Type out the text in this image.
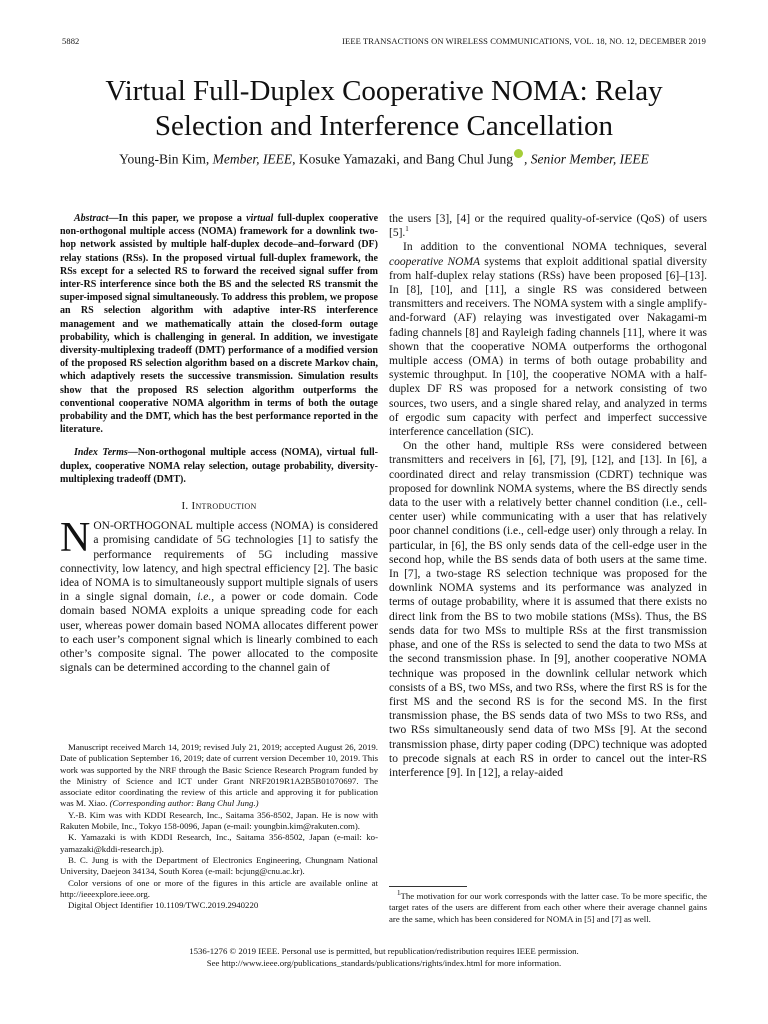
5882	IEEE TRANSACTIONS ON WIRELESS COMMUNICATIONS, VOL. 18, NO. 12, DECEMBER 2019
Virtual Full-Duplex Cooperative NOMA: Relay
Selection and Interference Cancellation
Young-Bin Kim, Member, IEEE, Kosuke Yamazaki, and Bang Chul Jung , Senior Member, IEEE

Abstract—In this paper, we propose a virtual full-duplex cooperative non-orthogonal multiple access (NOMA) framework for a downlink two-hop network assisted by multiple half-duplex decode–and–forward (DF) relay stations (RSs). In the proposed virtual full-duplex framework, the RSs except for a selected RS to forward the received signal suffer from inter-RS interference since both the BS and the selected RS transmit the super-imposed signal simultaneously. To address this problem, we propose an RS selection algorithm with adaptive inter-RS interference management and we mathematically attain the closed-form outage probability, which is challenging in general. In addition, we investigate diversity-multiplexing tradeoff (DMT) performance of a modified version of the proposed RS selection algorithm based on a discrete Markov chain, which adaptively resets the successive transmission. Simulation results show that the proposed RS selection algorithm outperforms the conventional cooperative NOMA algorithm in terms of both the outage probability and the DMT, which has the best performance reported in the literature.

Index Terms—Non-orthogonal multiple access (NOMA), virtual full-duplex, cooperative NOMA relay selection, outage probability, diversity-multiplexing tradeoff (DMT).

I. Introduction

NON-ORTHOGONAL multiple access (NOMA) is considered a promising candidate of 5G technologies [1] to satisfy the performance requirements of 5G including massive connectivity, low latency, and high spectral efficiency [2]. The basic idea of NOMA is to simultaneously support multiple signals of users in a single signal domain, i.e., a power or code domain. Code domain based NOMA exploits a unique spreading code for each user, whereas power domain based NOMA allocates different power to each user’s component signal which is linearly combined to each other’s composite signal. The power allocated to the composite signals can be determined according to the channel gain of

Manuscript received March 14, 2019; revised July 21, 2019; accepted August 26, 2019. Date of publication September 16, 2019; date of current version December 10, 2019. This work was supported by the NRF through the Basic Science Research Program funded by the Ministry of Science and ICT under Grant NRF2019R1A2B5B01070697. The associate editor coordinating the review of this article and approving it for publication was M. Xiao. (Corresponding author: Bang Chul Jung.)

Y.-B. Kim was with KDDI Research, Inc., Saitama 356-8502, Japan. He is now with Rakuten Mobile, Inc., Tokyo 158-0096, Japan (e-mail: youngbin.kim@rakuten.com).

K. Yamazaki is with KDDI Research, Inc., Saitama 356-8502, Japan (e-mail: ko-yamazaki@kddi-research.jp).

B. C. Jung is with the Department of Electronics Engineering, Chungnam National University, Daejeon 34134, South Korea (e-mail: bcjung@cnu.ac.kr).

Color versions of one or more of the figures in this article are available online at http://ieeexplore.ieee.org.

Digital Object Identifier 10.1109/TWC.2019.2940220

the users [3], [4] or the required quality-of-service (QoS) of users [5].$^1$

In addition to the conventional NOMA techniques, several cooperative NOMA systems that exploit additional spatial diversity from half-duplex relay stations (RSs) have been proposed [6]–[13]. In [8], [10], and [11], a single RS was considered between transmitters and receivers. The NOMA system with a single amplify-and-forward (AF) relaying was investigated over Nakagami-m fading channels [8] and Rayleigh fading channels [11], where it was shown that the cooperative NOMA outperforms the orthogonal multiple access (OMA) in terms of both outage probability and systemic throughput. In [10], the cooperative NOMA with a half-duplex DF RS was proposed for a network consisting of two sources, two users, and a single shared relay, and analyzed in terms of ergodic sum capacity with perfect and imperfect successive interference cancellation (SIC).

On the other hand, multiple RSs were considered between transmitters and receivers in [6], [7], [9], [12], and [13]. In [6], a coordinated direct and relay transmission (CDRT) technique was proposed for downlink NOMA systems, where the BS directly sends data to the user with a relatively better channel condition (i.e., cell-center user) while communicating with a user that has relatively poor channel conditions (i.e., cell-edge user) only through a relay. In particular, in [6], the BS only sends data of the cell-edge user in the second hop, while the BS sends data of both users at the same time. In [7], a two-stage RS selection technique was proposed for the downlink NOMA systems and its performance was analyzed in terms of outage probability, where it is assumed that there exists no direct link from the BS to two mobile stations (MSs). Thus, the BS sends data for two MSs to multiple RSs at the first transmission phase, and one of the RSs is selected to send the data to two MSs at the second transmission phase. In [9], another cooperative NOMA technique was proposed in the downlink cellular network which consists of a BS, two MSs, and two RSs, where the first RS is for the first MS and the second RS is for the second MS. In the first transmission phase, the BS sends data of two MSs to two RSs, and two RSs simultaneously send data of two MSs [9]. At the second transmission phase, dirty paper coding (DPC) technique was adopted to precode signals at each RS in order to cancel out the inter-RS interference [9]. In [12], a relay-aided

$^1$The motivation for our work corresponds with the latter case. To be more specific, the target rates of the users are different from each other where their average channel gains are the same, which has been considered for NOMA in [5] and [7] as well.
1536-1276 © 2019 IEEE. Personal use is permitted, but republication/redistribution requires IEEE permission.
See http://www.ieee.org/publications_standards/publications/rights/index.html for more information.
